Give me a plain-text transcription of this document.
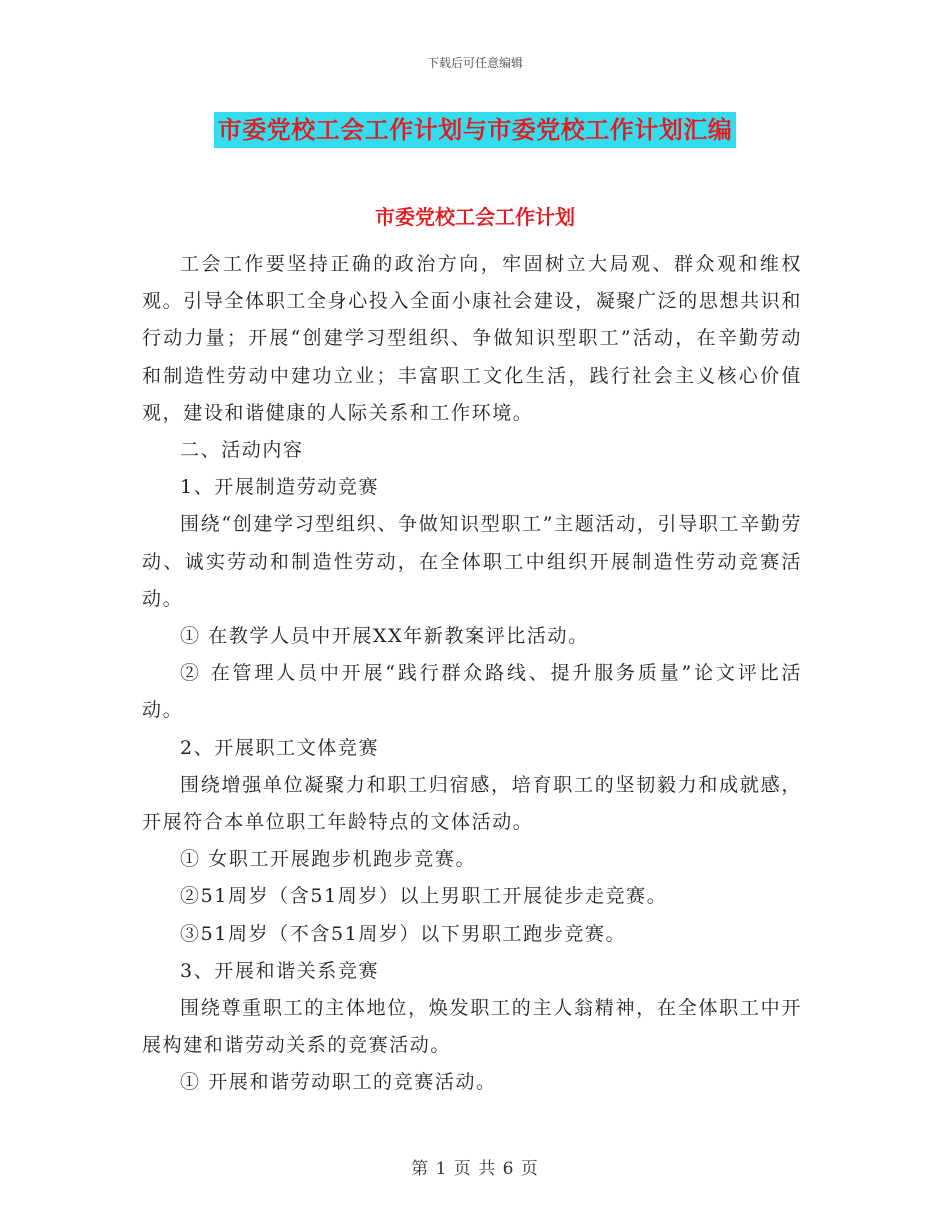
下载后可任意编辑
市委党校工会工作计划与市委党校工作计划汇编
市委党校工会工作计划

工会工作要坚持正确的政治方向，牢固树立大局观、群众观和维权观。引导全体职工全身心投入全面小康社会建设，凝聚广泛的思想共识和行动力量；开展“创建学习型组织、争做知识型职工”活动，在辛勤劳动和制造性劳动中建功立业；丰富职工文化生活，践行社会主义核心价值观，建设和谐健康的人际关系和工作环境。

二、活动内容

1、开展制造劳动竞赛

围绕“创建学习型组织、争做知识型职工”主题活动，引导职工辛勤劳动、诚实劳动和制造性劳动，在全体职工中组织开展制造性劳动竞赛活动。

① 在教学人员中开展XX年新教案评比活动。

② 在管理人员中开展“践行群众路线、提升服务质量”论文评比活动。

2、开展职工文体竞赛

围绕增强单位凝聚力和职工归宿感，培育职工的坚韧毅力和成就感，开展符合本单位职工年龄特点的文体活动。

① 女职工开展跑步机跑步竞赛。

②51周岁（含51周岁）以上男职工开展徒步走竞赛。

③51周岁（不含51周岁）以下男职工跑步竞赛。

3、开展和谐关系竞赛

围绕尊重职工的主体地位，焕发职工的主人翁精神，在全体职工中开展构建和谐劳动关系的竞赛活动。

① 开展和谐劳动职工的竞赛活动。

第 1 页 共 6 页
